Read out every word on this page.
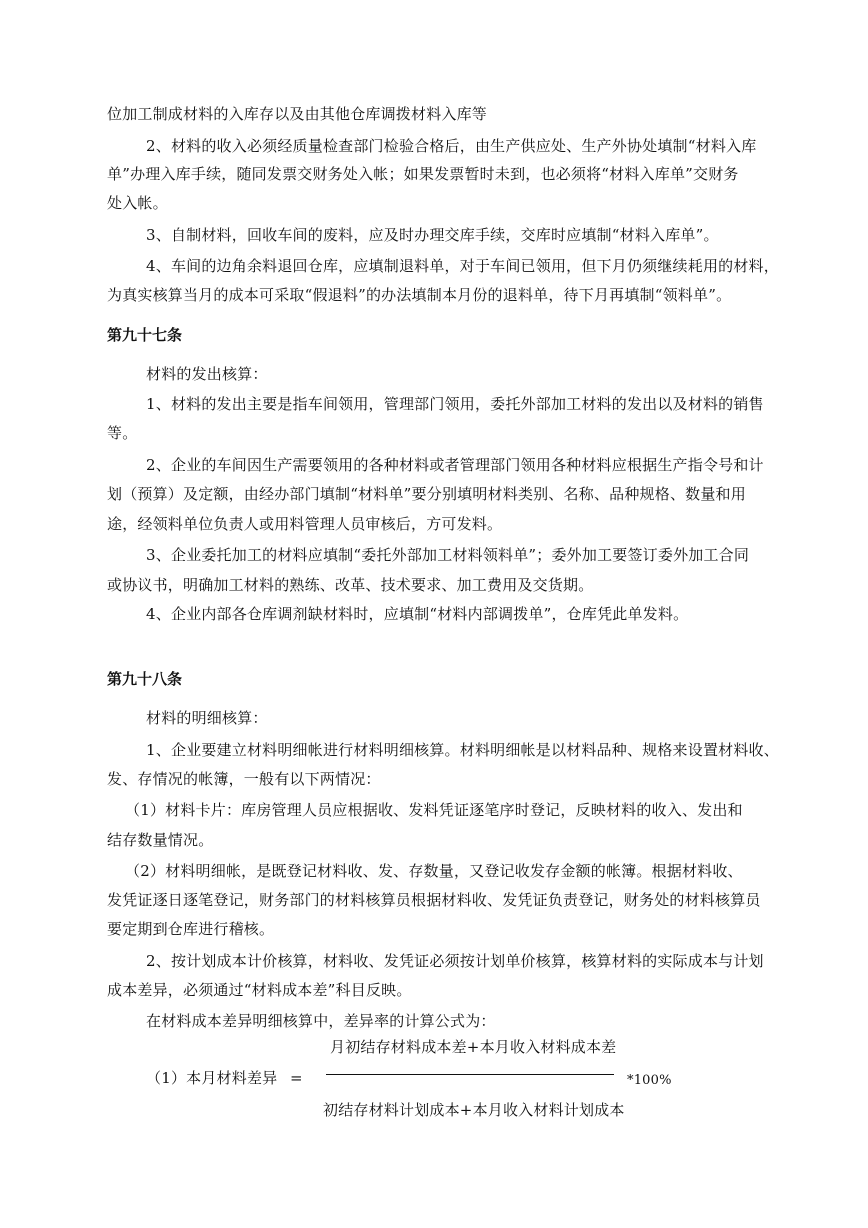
位加工制成材料的入库存以及由其他仓库调拨材料入库等
2、材料的收入必须经质量检查部门检验合格后，由生产供应处、生产外协处填制“材料入库
单”办理入库手续，随同发票交财务处入帐；如果发票暂时未到，也必须将“材料入库单”交财务
处入帐。
3、自制材料，回收车间的废料，应及时办理交库手续，交库时应填制“材料入库单”。
4、车间的边角余料退回仓库，应填制退料单，对于车间已领用，但下月仍须继续耗用的材料，
为真实核算当月的成本可采取“假退料”的办法填制本月份的退料单，待下月再填制“领料单”。
第九十七条
材料的发出核算：
1、材料的发出主要是指车间领用，管理部门领用，委托外部加工材料的发出以及材料的销售
等。
2、企业的车间因生产需要领用的各种材料或者管理部门领用各种材料应根据生产指令号和计
划（预算）及定额，由经办部门填制“材料单”要分别填明材料类别、名称、品种规格、数量和用
途，经领料单位负责人或用料管理人员审核后，方可发料。
3、企业委托加工的材料应填制“委托外部加工材料领料单”；委外加工要签订委外加工合同
或协议书，明确加工材料的熟练、改革、技术要求、加工费用及交货期。
4、企业内部各仓库调剂缺材料时，应填制“材料内部调拨单”，仓库凭此单发料。
第九十八条
材料的明细核算：
1、企业要建立材料明细帐进行材料明细核算。材料明细帐是以材料品种、规格来设置材料收、
发、存情况的帐簿，一般有以下两情况：
（1）材料卡片：库房管理人员应根据收、发料凭证逐笔序时登记，反映材料的收入、发出和
结存数量情况。
（2）材料明细帐，是既登记材料收、发、存数量，又登记收发存金额的帐簿。根据材料收、
发凭证逐日逐笔登记，财务部门的材料核算员根据材料收、发凭证负责登记，财务处的材料核算员
要定期到仓库进行稽核。
2、按计划成本计价核算，材料收、发凭证必须按计划单价核算，核算材料的实际成本与计划
成本差异，必须通过“材料成本差”科目反映。
在材料成本差异明细核算中，差异率的计算公式为：
月初结存材料成本差+本月收入材料成本差
（1）本月材料差异 =	*100%
初结存材料计划成本+本月收入材料计划成本
